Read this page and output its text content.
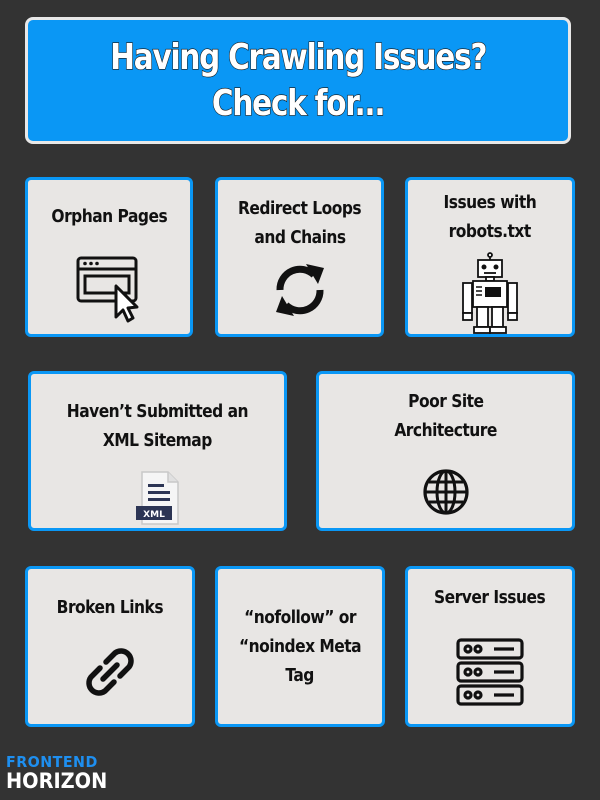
Having Crawling Issues?
Check for...
Orphan Pages	Redirect Loops
and Chains
Issues with
robots.txt
Haven’t Submitted an
XML Sitemap
XML
Poor Site
Architecture
Broken Links	“nofollow” or
“noindex Meta
Tag
Server Issues
FRONTEND
HORIZON
